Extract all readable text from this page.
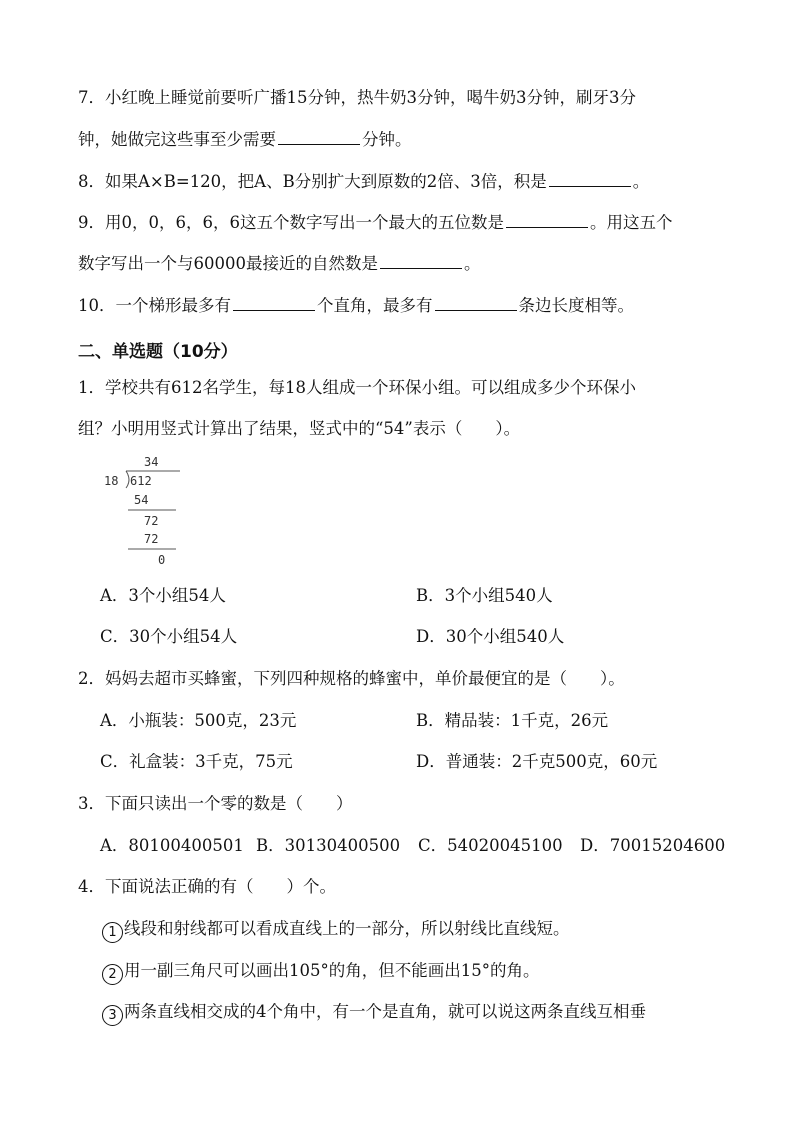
7．小红晚上睡觉前要听广播15分钟，热牛奶3分钟，喝牛奶3分钟，刷牙3分
钟，她做完这些事至少需要	分钟。
8．如果A×B=120，把A、B分别扩大到原数的2倍、3倍，积是	。
9．用0，0，6，6，6这五个数字写出一个最大的五位数是	。用这五个
数字写出一个与60000最接近的自然数是	。
10．一个梯形最多有	个直角，最多有	条边长度相等。
二、单选题（10分）
1．学校共有612名学生，每18人组成一个环保小组。可以组成多少个环保小
组？小明用竖式计算出了结果，竖式中的“54”表示（　　）。
34
18 612
54
72
72
0
A．3个小组54人	B．3个小组540人
C．30个小组54人	D．30个小组540人
2．妈妈去超市买蜂蜜，下列四种规格的蜂蜜中，单价最便宜的是（　　）。
A．小瓶装：500克，23元	B．精品装：1千克，26元
C．礼盒装：3千克，75元	D．普通装：2千克500克，60元
3．下面只读出一个零的数是（　　）
A．80100400501 B．30130400500 C．54020045100 D．70015204600
4．下面说法正确的有（　　）个。
1 线段和射线都可以看成直线上的一部分，所以射线比直线短。
2 用一副三角尺可以画出105°的角，但不能画出15°的角。
3 两条直线相交成的4个角中，有一个是直角，就可以说这两条直线互相垂
